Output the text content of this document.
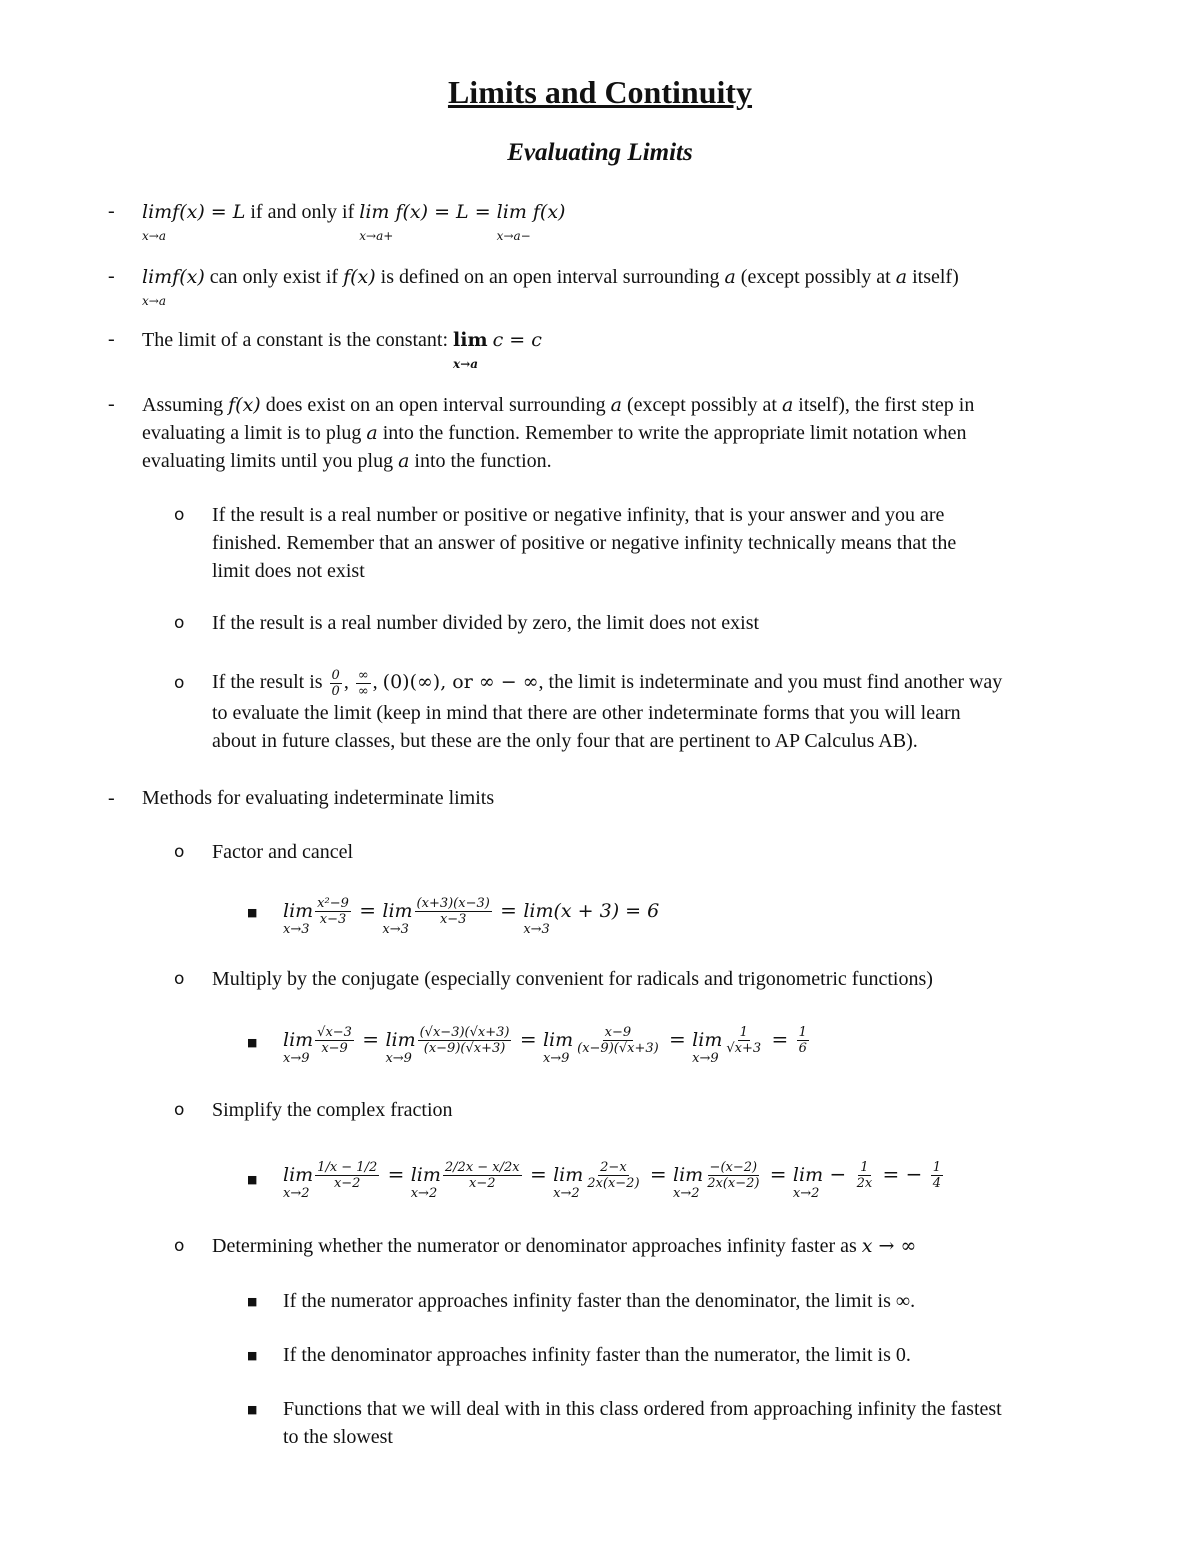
Limits and Continuity
Evaluating Limits
- lim
x→a
f(x) = L if and only if lim
x→a+
f(x) = L = lim
x→a−
f(x)
- lim
x→a
f(x) can only exist if f(x) is defined on an open interval surrounding a (except possibly at a itself)
- The limit of a constant is the constant: lim
x→a
c = c
- Assuming f(x) does exist on an open interval surrounding a (except possibly at a itself), the first step in
evaluating a limit is to plug a into the function. Remember to write the appropriate limit notation when
evaluating limits until you plug a into the function.
o If the result is a real number or positive or negative infinity, that is your answer and you are
finished. Remember that an answer of positive or negative infinity technically means that the
limit does not exist
o If the result is a real number divided by zero, the limit does not exist
o If the result is $\frac{0}{0}$ , $\frac{\infty}{\infty}$ , (0)(∞), or ∞ − ∞, the limit is indeterminate and you must find another way
to evaluate the limit (keep in mind that there are other indeterminate forms that you will learn
about in future classes, but these are the only four that are pertinent to AP Calculus AB).
- Methods for evaluating indeterminate limits
o Factor and cancel
■ lim
x→3
$\frac{\text{x²−9}}{x-3} = \lim$
x→3
$\frac{(x+3)(x-3)}{x-3} = \lim$
x→3
(x + 3) = 6
o Multiply by the conjugate (especially convenient for radicals and trigonometric functions)
■ lim
x→9
$\frac{√x-3}{x-9} = \lim$
x→9
$\frac{(√x-3)(√x+3)}{(x-9)(√x+3)} = \lim$
x→9
$\frac{x-9}{(x-9)(√x+3)} = \lim$
x→9
$\frac{1}{√x+3} = \frac{1}{6}$
o Simplify the complex fraction
■ lim
x→2
$\frac{1/x - 1/2}{x-2} = \lim$
x→2
$\frac{2/2x - x/2x}{x-2} = \lim$
x→2
$\frac{2-x}{2x(x-2)} = \lim$
x→2
$\frac{-(x-2)}{2x(x-2)} = \lim$
x→2
− $\frac{1}{2x}$ = − $\frac{1}{4}$
o Determining whether the numerator or denominator approaches infinity faster as x → ∞
■ If the numerator approaches infinity faster than the denominator, the limit is ∞.
■ If the denominator approaches infinity faster than the numerator, the limit is 0.
■ Functions that we will deal with in this class ordered from approaching infinity the fastest
to the slowest
